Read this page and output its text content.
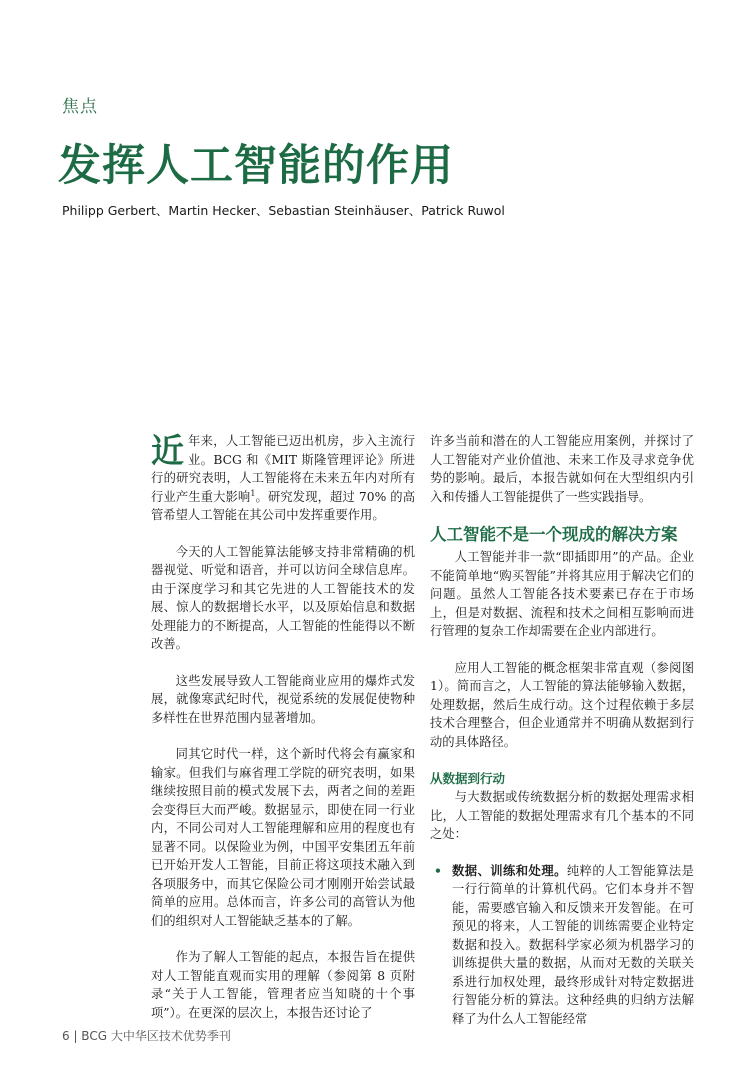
焦点
发挥人工智能的作用
Philipp Gerbert、Martin Hecker、Sebastian Steinhäuser、Patrick Ruwol

近年来，人工智能已迈出机房，步入主流行业。BCG 和《MIT 斯隆管理评论》所进行的研究表明，人工智能将在未来五年内对所有行业产生重大影响$^1$。研究发现，超过 70% 的高管希望人工智能在其公司中发挥重要作用。

今天的人工智能算法能够支持非常精确的机器视觉、听觉和语音，并可以访问全球信息库。由于深度学习和其它先进的人工智能技术的发展、惊人的数据增长水平，以及原始信息和数据处理能力的不断提高，人工智能的性能得以不断改善。

这些发展导致人工智能商业应用的爆炸式发展，就像寒武纪时代，视觉系统的发展促使物种多样性在世界范围内显著增加。

同其它时代一样，这个新时代将会有赢家和输家。但我们与麻省理工学院的研究表明，如果继续按照目前的模式发展下去，两者之间的差距会变得巨大而严峻。数据显示，即使在同一行业内，不同公司对人工智能理解和应用的程度也有显著不同。以保险业为例，中国平安集团五年前已开始开发人工智能，目前正将这项技术融入到各项服务中，而其它保险公司才刚刚开始尝试最简单的应用。总体而言，许多公司的高管认为他们的组织对人工智能缺乏基本的了解。

作为了解人工智能的起点，本报告旨在提供对人工智能直观而实用的理解（参阅第 8 页附录“关于人工智能，管理者应当知晓的十个事项”）。在更深的层次上，本报告还讨论了

许多当前和潜在的人工智能应用案例，并探讨了人工智能对产业价值池、未来工作及寻求竞争优势的影响。最后，本报告就如何在大型组织内引入和传播人工智能提供了一些实践指导。

人工智能不是一个现成的解决方案

人工智能并非一款“即插即用”的产品。企业不能简单地“购买智能”并将其应用于解决它们的问题。虽然人工智能各技术要素已存在于市场上，但是对数据、流程和技术之间相互影响而进行管理的复杂工作却需要在企业内部进行。

应用人工智能的概念框架非常直观（参阅图 1）。简而言之，人工智能的算法能够输入数据，处理数据，然后生成行动。这个过程依赖于多层技术合理整合，但企业通常并不明确从数据到行动的具体路径。

从数据到行动

与大数据或传统数据分析的数据处理需求相比，人工智能的数据处理需求有几个基本的不同之处：

• 数据、训练和处理。纯粹的人工智能算法是一行行简单的计算机代码。它们本身并不智能，需要感官输入和反馈来开发智能。在可预见的将来，人工智能的训练需要企业特定数据和投入。数据科学家必须为机器学习的训练提供大量的数据，从而对无数的关联关系进行加权处理，最终形成针对特定数据进行智能分析的算法。这种经典的归纳方法解释了为什么人工智能经常

6 | BCG 大中华区技术优势季刊
